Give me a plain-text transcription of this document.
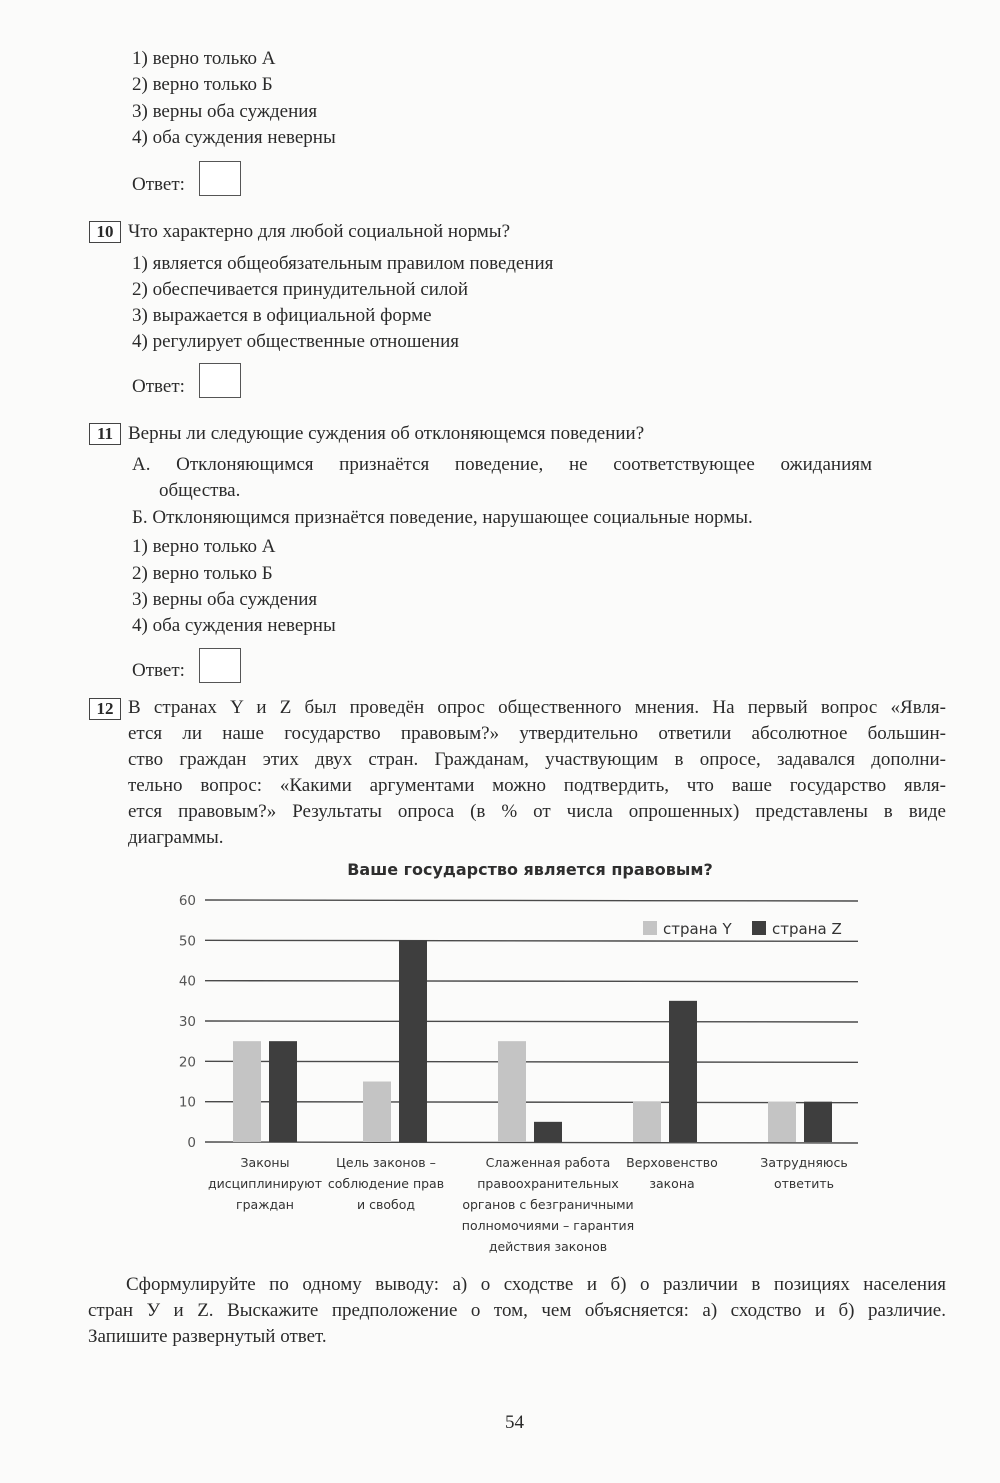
1) верно только А
2) верно только Б
3) верны оба суждения
4) оба суждения неверны
Ответ:
10 Что характерно для любой социальной нормы?
1) является общеобязательным правилом поведения
2) обеспечивается принудительной силой
3) выражается в официальной форме
4) регулирует общественные отношения
Ответ:
11 Верны ли следующие суждения об отклоняющемся поведении?
А. Отклоняющимся признаётся поведение, не соответствующее ожиданиям
общества.
Б. Отклоняющимся признаётся поведение, нарушающее социальные нормы.
1) верно только А
2) верно только Б
3) верны оба суждения
4) оба суждения неверны
Ответ:
12 В странах Y и Z был проведён опрос общественного мнения. На первый вопрос «Явля-
ется ли наше государство правовым?» утвердительно ответили абсолютное большин-
ство граждан этих двух стран. Гражданам, участвующим в опросе, задавался дополни-
тельно вопрос: «Какими аргументами можно подтвердить, что ваше государство явля-
ется правовым?» Результаты опроса (в % от числа опрошенных) представлены в виде
диаграммы.
Ваше государство является правовым?
0
10
20
30
40
50
60
страна Y	страна Z
Законы
дисциплинируют
граждан
Цель законов –
соблюдение прав
и свобод
Слаженная работа
правоохранительных
органов с безграничными
полномочиями – гарантия
действия законов
Верховенство
закона
Затрудняюсь
ответить
Сформулируйте по одному выводу: а) о сходстве и б) о различии в позициях населения
стран У и Z. Выскажите предположение о том, чем объясняется: а) сходство и б) различие.
Запишите развернутый ответ.
54
